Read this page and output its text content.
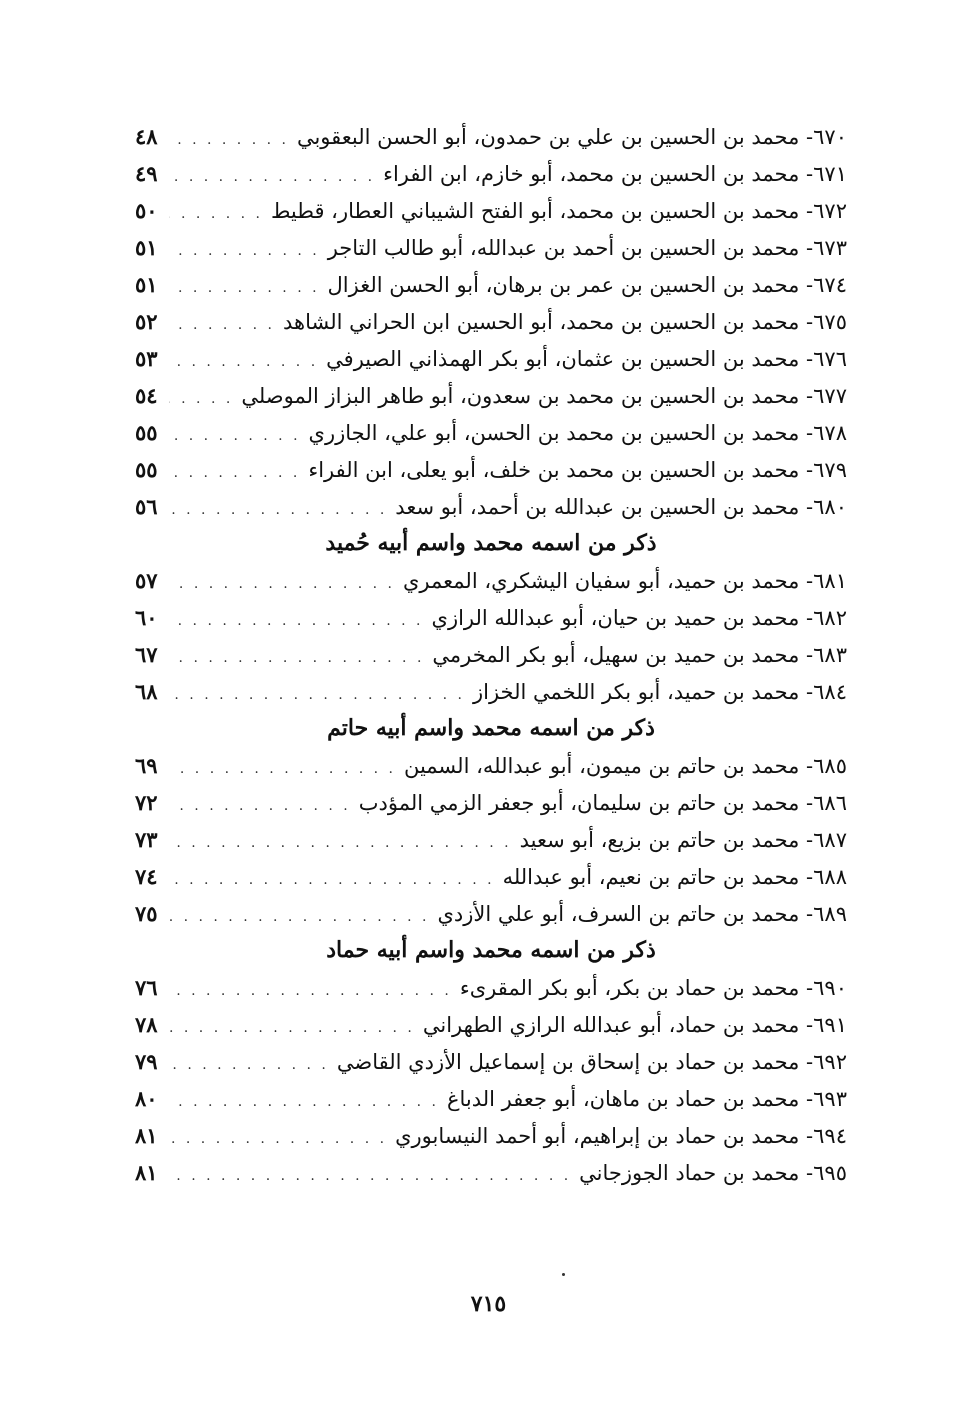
٦٧٠- محمد بن الحسين بن علي بن حمدون، أبو الحسن البعقوبي
. . .
٤٨
٦٧١- محمد بن الحسين بن محمد، أبو خازم، ابن الفراء
. . .
٤٩
٦٧٢- محمد بن الحسين بن محمد، أبو الفتح الشيباني العطار، قطيط
. . .
٥٠
٦٧٣- محمد بن الحسين بن أحمد بن عبدالله، أبو طالب التاجر
. . .
٥١
٦٧٤- محمد بن الحسين بن عمر بن برهان، أبو الحسن الغزال
. . .
٥١
٦٧٥- محمد بن الحسين بن محمد، أبو الحسين ابن الحراني الشاهد
. . .
٥٢
٦٧٦- محمد بن الحسين بن عثمان، أبو بكر الهمذاني الصيرفي
. . .
٥٣
٦٧٧- محمد بن الحسين بن محمد بن سعدون، أبو طاهر البزاز الموصلي
. . .
٥٤
٦٧٨- محمد بن الحسين بن محمد بن الحسن، أبو علي، الجازري
. . .
٥٥
٦٧٩- محمد بن الحسين بن محمد بن خلف، أبو يعلى، ابن الفراء
. . .
٥٥
٦٨٠- محمد بن الحسين بن عبدالله بن أحمد، أبو سعد
. . .
٥٦
ذكر من اسمه محمد واسم أبيه حُميد
٦٨١- محمد بن حميد، أبو سفيان اليشكري، المعمري
. . .
٥٧
٦٨٢- محمد بن حميد بن حيان، أبو عبدالله الرازي
. . .
٦٠
٦٨٣- محمد بن حميد بن سهيل، أبو بكر المخرمي
. . .
٦٧
٦٨٤- محمد بن حميد، أبو بكر اللخمي الخزاز
. . .
٦٨
ذكر من اسمه محمد واسم أبيه حاتم
٦٨٥- محمد بن حاتم بن ميمون، أبو عبدالله، السمين
. . .
٦٩
٦٨٦- محمد بن حاتم بن سليمان، أبو جعفر الزمي المؤدب
. . .
٧٢
٦٨٧- محمد بن حاتم بن بزيع، أبو سعيد
. . .
٧٣
٦٨٨- محمد بن حاتم بن نعيم، أبو عبدالله
. . .
٧٤
٦٨٩- محمد بن حاتم بن السرف، أبو علي الأزدي
. . .
٧٥
ذكر من اسمه محمد واسم أبيه حماد
٦٩٠- محمد بن حماد بن بكر، أبو بكر المقرىء
. . .
٧٦
٦٩١- محمد بن حماد، أبو عبدالله الرازي الطهراني
. . .
٧٨
٦٩٢- محمد بن حماد بن إسحاق بن إسماعيل الأزدي القاضي
. . .
٧٩
٦٩٣- محمد بن حماد بن ماهان، أبو جعفر الدباغ
. . .
٨٠
٦٩٤- محمد بن حماد بن إبراهيم، أبو أحمد النيسابوري
. . .
٨١
٦٩٥- محمد بن حماد الجوزجاني
. . .
٨١
٧١٥
